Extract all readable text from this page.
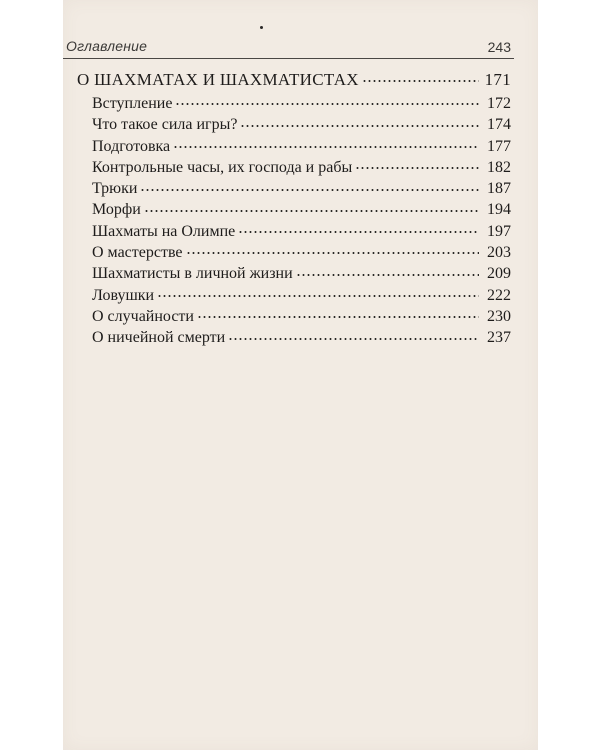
Оглавление	243
О ШАХМАТАХ И ШАХМАТИСТАХ	171
Вступление	172
Что такое сила игры?	174
Подготовка	177
Контрольные часы, их господа и рабы	182
Трюки	187
Морфи	194
Шахматы на Олимпе	197
О мастерстве	203
Шахматисты в личной жизни	209
Ловушки	222
О случайности	230
О ничейной смерти	237
